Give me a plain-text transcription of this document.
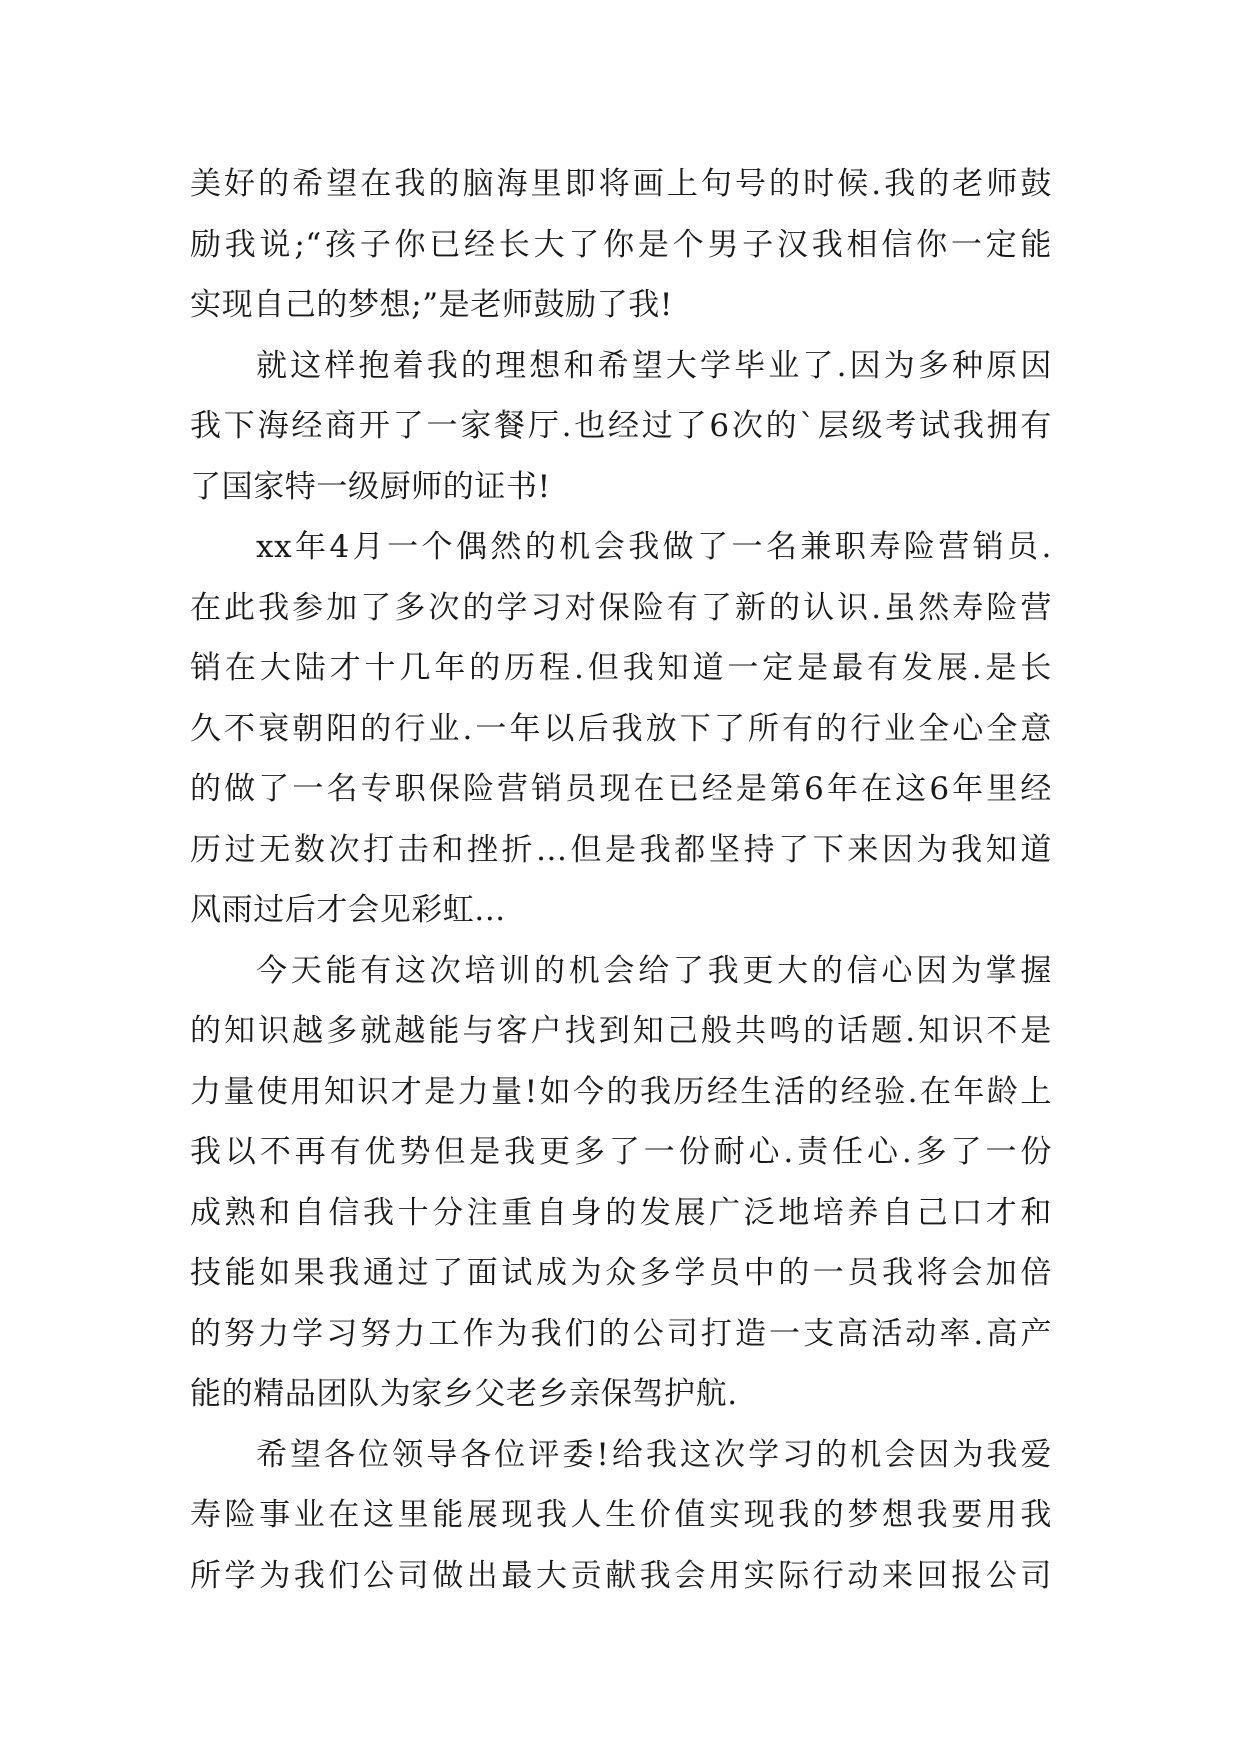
美好的希望在我的脑海里即将画上句号的时候.我的老师鼓
励我说;“孩子你已经长大了你是个男子汉我相信你一定能
实现自己的梦想;”是老师鼓励了我!
就这样抱着我的理想和希望大学毕业了.因为多种原因
我下海经商开了一家餐厅.也经过了6次的`层级考试我拥有
了国家特一级厨师的证书!
xx年4月一个偶然的机会我做了一名兼职寿险营销员.
在此我参加了多次的学习对保险有了新的认识.虽然寿险营
销在大陆才十几年的历程.但我知道一定是最有发展.是长
久不衰朝阳的行业.一年以后我放下了所有的行业全心全意
的做了一名专职保险营销员现在已经是第6年在这6年里经
历过无数次打击和挫折...但是我都坚持了下来因为我知道
风雨过后才会见彩虹...
今天能有这次培训的机会给了我更大的信心因为掌握
的知识越多就越能与客户找到知己般共鸣的话题.知识不是
力量使用知识才是力量!如今的我历经生活的经验.在年龄上
我以不再有优势但是我更多了一份耐心.责任心.多了一份
成熟和自信我十分注重自身的发展广泛地培养自己口才和
技能如果我通过了面试成为众多学员中的一员我将会加倍
的努力学习努力工作为我们的公司打造一支高活动率.高产
能的精品团队为家乡父老乡亲保驾护航.
希望各位领导各位评委!给我这次学习的机会因为我爱
寿险事业在这里能展现我人生价值实现我的梦想我要用我
所学为我们公司做出最大贡献我会用实际行动来回报公司
